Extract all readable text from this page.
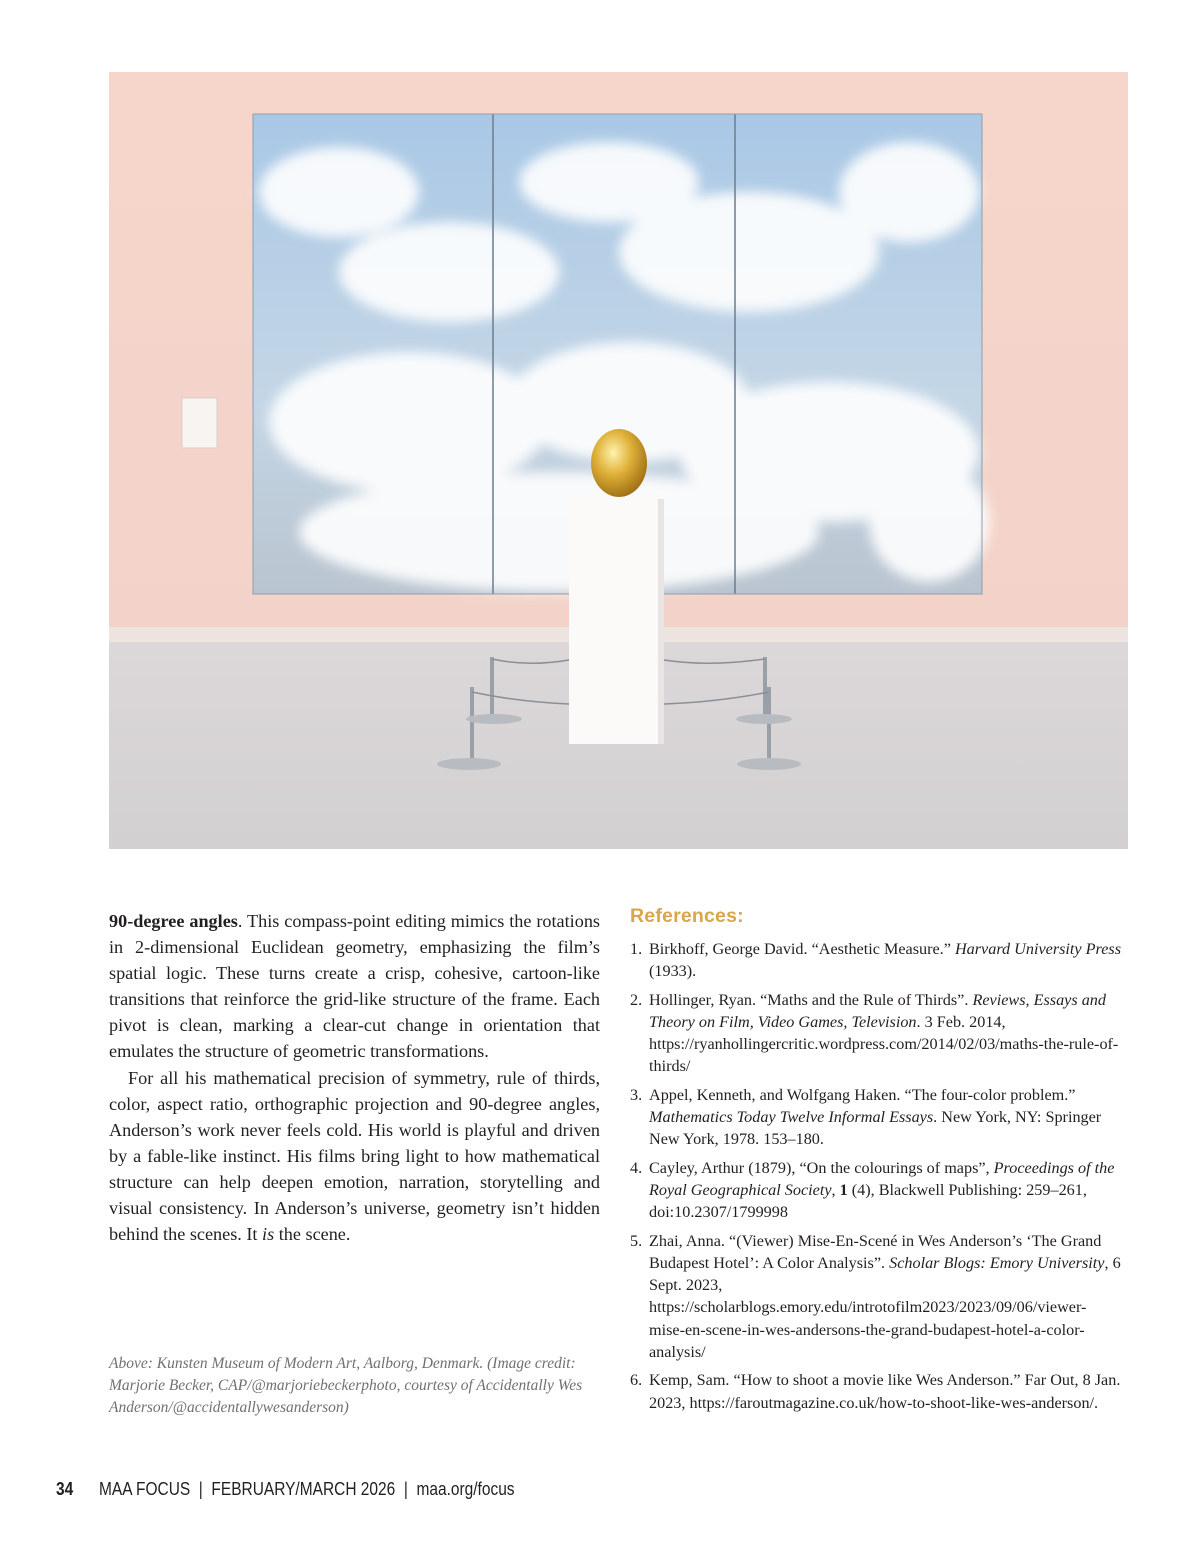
90-degree angles. This compass-point editing mimics the rotations in 2-dimensional Euclidean geometry, emphasizing the film’s spatial logic. These turns create a crisp, cohesive, cartoon-like transitions that reinforce the grid-like structure of the frame. Each pivot is clean, marking a clear-cut change in orientation that emulates the structure of geometric transformations.

For all his mathematical precision of symmetry, rule of thirds, color, aspect ratio, orthographic projection and 90-degree angles, Anderson’s work never feels cold. His world is playful and driven by a fable-like instinct. His films bring light to how mathematical structure can help deepen emotion, narration, storytelling and visual consistency. In Anderson’s universe, geometry isn’t hidden behind the scenes. It is the scene.

Above: Kunsten Museum of Modern Art, Aalborg, Denmark. (Image credit: Marjorie Becker, CAP/@marjoriebeckerphoto, courtesy of Accidentally Wes Anderson/@accidentallywesanderson)
References:
1. Birkhoff, George David. “Aesthetic Measure.” Harvard University Press (1933).
2. Hollinger, Ryan. “Maths and the Rule of Thirds”. Reviews, Essays and Theory on Film, Video Games, Television. 3 Feb. 2014, https://ryanhollingercritic.wordpress.com/2014/02/03/maths-the-rule-of-thirds/
3. Appel, Kenneth, and Wolfgang Haken. “The four-color problem.” Mathematics Today Twelve Informal Essays. New York, NY: Springer New York, 1978. 153–180.
4. Cayley, Arthur (1879), “On the colourings of maps”, Proceedings of the Royal Geographical Society, 1 (4), Blackwell Publishing: 259–261, doi:10.2307/1799998
5. Zhai, Anna. “(Viewer) Mise-En-Scené in Wes Anderson’s ‘The Grand Budapest Hotel’: A Color Analysis”. Scholar Blogs: Emory University, 6 Sept. 2023, https://scholarblogs.emory.edu/introtofilm2023/2023/09/06/viewer-mise-en-scene-in-wes-andersons-the-grand-budapest-hotel-a-color-analysis/
6. Kemp, Sam. “How to shoot a movie like Wes Anderson.” Far Out, 8 Jan. 2023, https://faroutmagazine.co.uk/how-to-shoot-like-wes-anderson/.
34 MAA FOCUS  |  FEBRUARY/MARCH 2026  |  maa.org/focus
